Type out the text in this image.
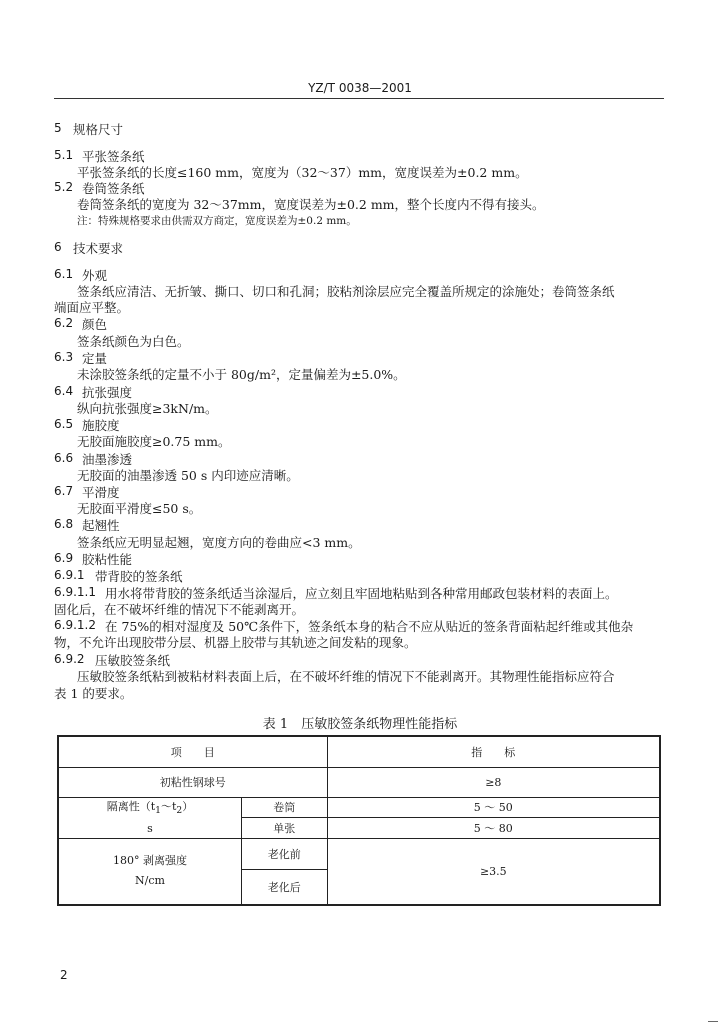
YZ/T 0038—2001
5 规格尺寸
5.1 平张签条纸
平张签条纸的长度≤160 mm，宽度为（32～37）mm，宽度误差为±0.2 mm。
5.2 卷筒签条纸
卷筒签条纸的宽度为 32～37mm，宽度误差为±0.2 mm，整个长度内不得有接头。
注：特殊规格要求由供需双方商定，宽度误差为±0.2 mm。
6 技术要求
6.1 外观
签条纸应清洁、无折皱、撕口、切口和孔洞；胶粘剂涂层应完全覆盖所规定的涂施处；卷筒签条纸
端面应平整。
6.2 颜色
签条纸颜色为白色。
6.3 定量
未涂胶签条纸的定量不小于 80g/m²，定量偏差为±5.0%。
6.4 抗张强度
纵向抗张强度≥3kN/m。
6.5 施胶度
无胶面施胶度≥0.75 mm。
6.6 油墨渗透
无胶面的油墨渗透 50 s 内印迹应清晰。
6.7 平滑度
无胶面平滑度≤50 s。
6.8 起翘性
签条纸应无明显起翘，宽度方向的卷曲应<3 mm。
6.9 胶粘性能
6.9.1 带背胶的签条纸
6.9.1.1 用水将带背胶的签条纸适当涂湿后，应立刻且牢固地粘贴到各种常用邮政包装材料的表面上。
固化后，在不破坏纤维的情况下不能剥离开。
6.9.1.2 在 75%的相对湿度及 50℃条件下，签条纸本身的粘合不应从贴近的签条背面粘起纤维或其他杂
物，不允许出现胶带分层、机器上胶带与其轨迹之间发粘的现象。
6.9.2 压敏胶签条纸
压敏胶签条纸粘到被粘材料表面上后，在不破坏纤维的情况下不能剥离开。其物理性能指标应符合
表 1 的要求。
表 1　压敏胶签条纸物理性能指标
项　　目		指　　标
初粘性钢球号		≥8
隔离性$(t_1\sim t_2)$
s	卷筒	5 ～ 50
	单张	5 ～ 80
180° 剥离强度
N/cm	老化前	≥3.5
	老化后	
2
